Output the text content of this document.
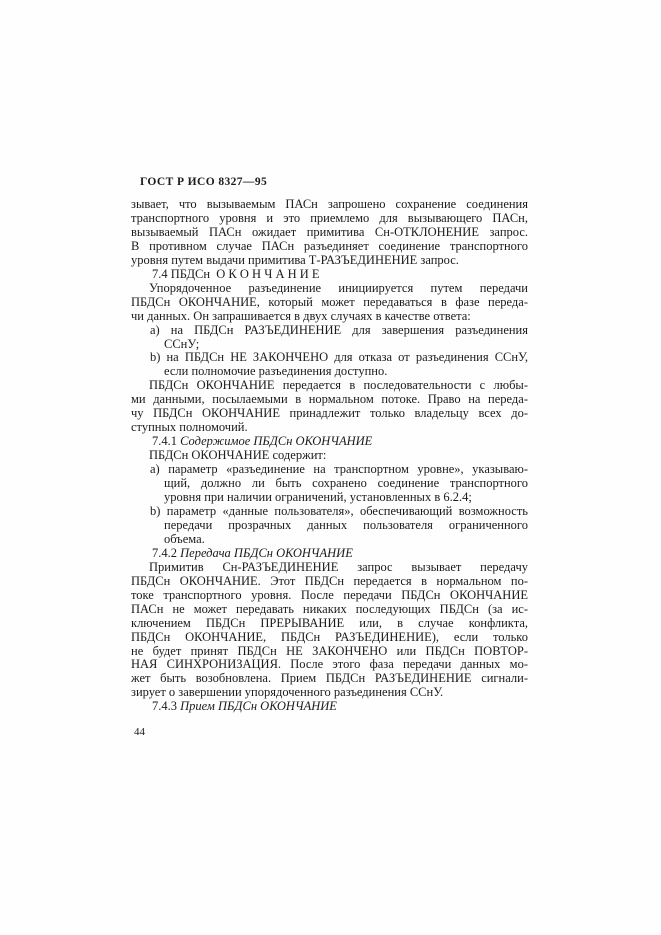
ГОСТ Р ИСО 8327—95
зывает, что вызываемым ПАСн запрошено сохранение соединения
транспортного уровня и это приемлемо для вызывающего ПАСн,
вызываемый ПАСн ожидает примитива Сн-ОТКЛОНЕНИЕ запрос.
В противном случае ПАСн разъединяет соединение транспортного
уровня путем выдачи примитива Т-РАЗЪЕДИНЕНИЕ запрос.
7.4 ПБДСн  О К О Н Ч А Н И Е
Упорядоченное разъединение инициируется путем передачи
ПБДСн ОКОНЧАНИЕ, который может передаваться в фазе переда-
чи данных. Он запрашивается в двух случаях в качестве ответа:
a) на ПБДСн РАЗЪЕДИНЕНИЕ для завершения разъединения
ССнУ;
b) на ПБДСн НЕ ЗАКОНЧЕНО для отказа от разъединения ССнУ,
если полномочие разъединения доступно.
ПБДСн ОКОНЧАНИЕ передается в последовательности с любы-
ми данными, посылаемыми в нормальном потоке. Право на переда-
чу ПБДСн ОКОНЧАНИЕ принадлежит только владельцу всех до-
ступных полномочий.
7.4.1 Содержимое ПБДСн ОКОНЧАНИЕ
ПБДСн ОКОНЧАНИЕ содержит:
a) параметр «разъединение на транспортном уровне», указываю-
щий, должно ли быть сохранено соединение транспортного
уровня при наличии ограничений, установленных в 6.2.4;
b) параметр «данные пользователя», обеспечивающий возможность
передачи прозрачных данных пользователя ограниченного
объема.
7.4.2 Передача ПБДСн ОКОНЧАНИЕ
Примитив Сн-РАЗЪЕДИНЕНИЕ запрос вызывает передачу
ПБДСн ОКОНЧАНИЕ. Этот ПБДСн передается в нормальном по-
токе транспортного уровня. После передачи ПБДСн ОКОНЧАНИЕ
ПАСн не может передавать никаких последующих ПБДСн (за ис-
ключением ПБДСн ПРЕРЫВАНИЕ или, в случае конфликта,
ПБДСн ОКОНЧАНИЕ, ПБДСн РАЗЪЕДИНЕНИЕ), если только
не будет принят ПБДСн НЕ ЗАКОНЧЕНО или ПБДСн ПОВТОР-
НАЯ СИНХРОНИЗАЦИЯ. После этого фаза передачи данных мо-
жет быть возобновлена. Прием ПБДСн РАЗЪЕДИНЕНИЕ сигнали-
зирует о завершении упорядоченного разъединения ССнУ.
7.4.3 Прием ПБДСн ОКОНЧАНИЕ
44
